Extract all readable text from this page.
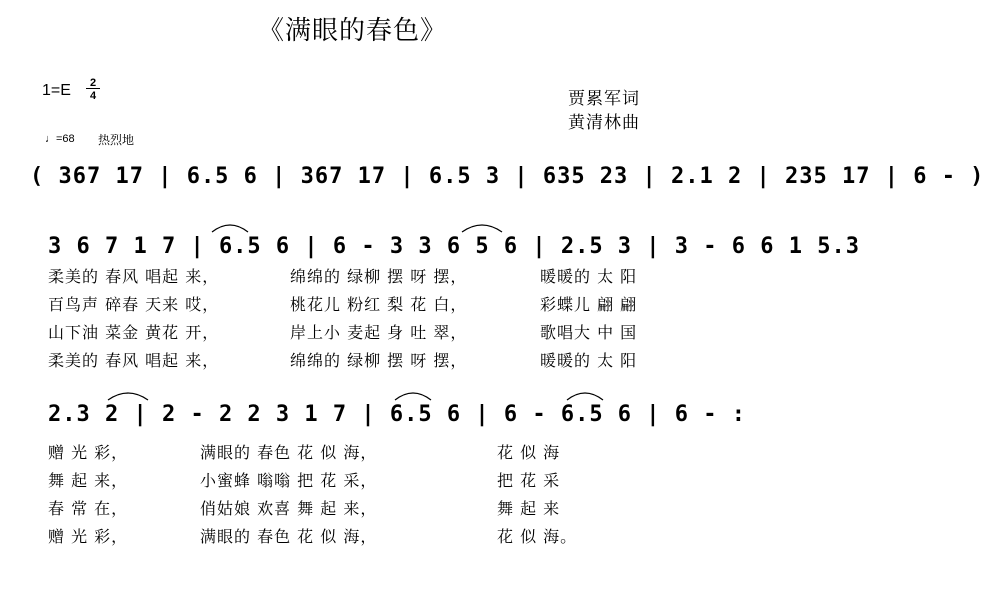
《满眼的春色》
1=E	2
4	贾累军词
黄清林曲
♩=68 热烈地
( 367 17 | 6.5 6 | 367 17 | 6.5 3 | 635 23 | 2.1 2 | 235 17 | 6 - )
3 6 7 1 7 | 6.5 6 | 6 - 3 3 6 5 6 | 2.5 3 | 3 - 6 6 1 5.3
柔美的 春风 唱起 来，	绵绵的 绿柳 摆 呀 摆，	暖暖的 太 阳
百鸟声 碎春 天来 哎，	桃花儿 粉红 梨 花 白，	彩蝶儿 翩 翩
山下油 菜金 黄花 开，	岸上小 麦起 身 吐 翠，	歌唱大 中 国
柔美的 春风 唱起 来，	绵绵的 绿柳 摆 呀 摆，	暖暖的 太 阳
2.3 2 | 2 - 2 2 3 1 7 | 6.5 6 | 6 - 6.5 6 | 6 - :
赠 光 彩，	满眼的 春色 花 似 海，	花 似 海
舞 起 来，	小蜜蜂 嗡嗡 把 花 采，	把 花 采
春 常 在，	俏姑娘 欢喜 舞 起 来，	舞 起 来
赠 光 彩，	满眼的 春色 花 似 海，	花 似 海。
